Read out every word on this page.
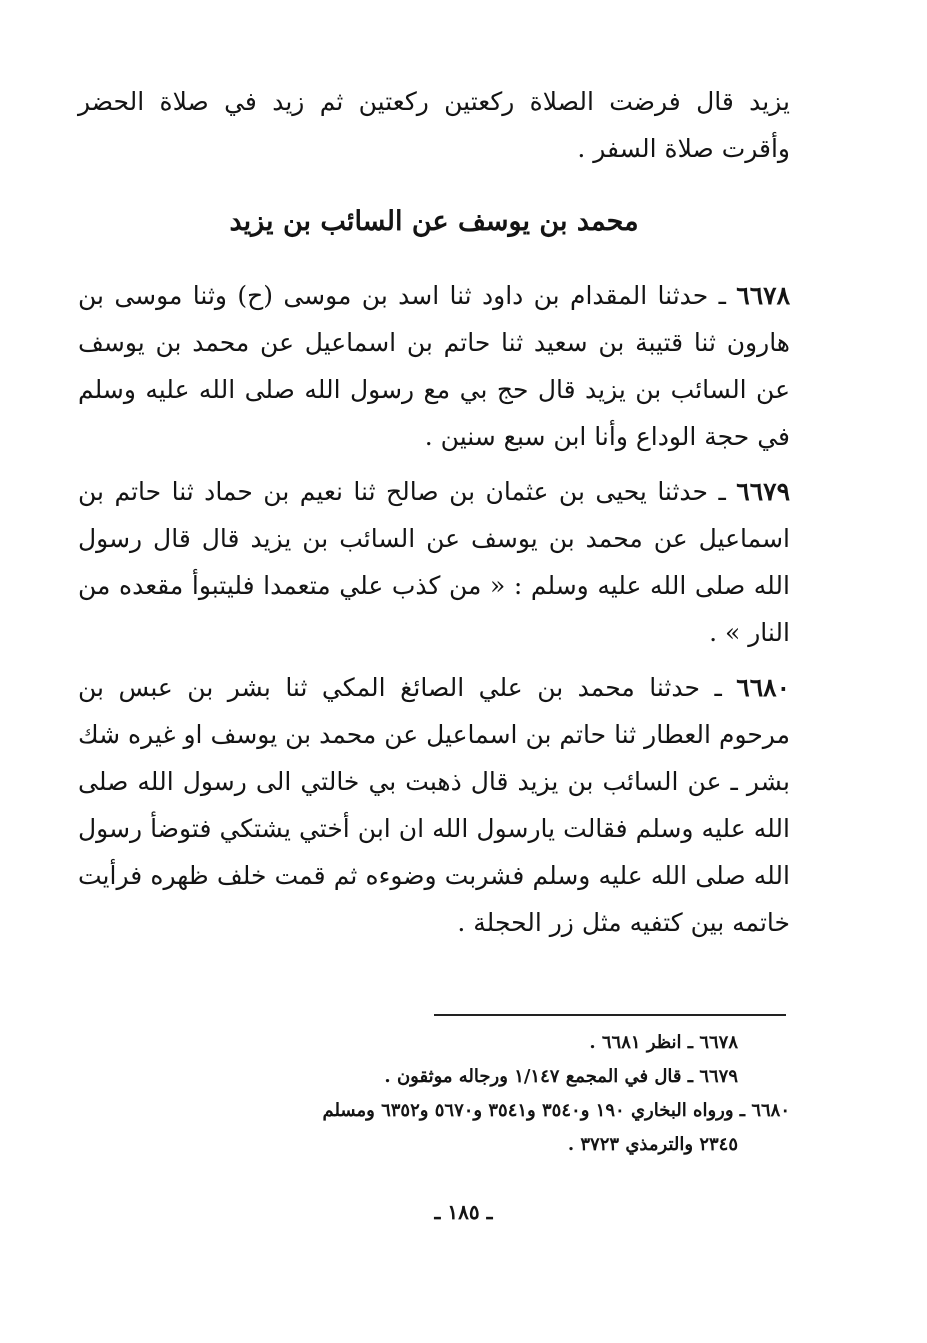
يزيد قال فرضت الصلاة ركعتين ركعتين ثم زيد في صلاة الحضر وأقرت صلاة السفر .

محمد بن يوسف عن السائب بن يزيد

٦٦٧٨ ـ حدثنا المقدام بن داود ثنا اسد بن موسى (ح) وثنا موسى بن هارون ثنا قتيبة بن سعيد ثنا حاتم بن اسماعيل عن محمد بن يوسف عن السائب بن يزيد قال حج بي مع رسول الله صلى الله عليه وسلم في حجة الوداع وأنا ابن سبع سنين .

٦٦٧٩ ـ حدثنا يحيى بن عثمان بن صالح ثنا نعيم بن حماد ثنا حاتم بن اسماعيل عن محمد بن يوسف عن السائب بن يزيد قال قال رسول الله صلى الله عليه وسلم : « من كذب علي متعمدا فليتبوأ مقعده من النار » .

٦٦٨٠ ـ حدثنا محمد بن علي الصائغ المكي ثنا بشر بن عبس بن مرحوم العطار ثنا حاتم بن اسماعيل عن محمد بن يوسف او غيره شك بشر ـ عن السائب بن يزيد قال ذهبت بي خالتي الى رسول الله صلى الله عليه وسلم فقالت يارسول الله ان ابن أختي يشتكي فتوضأ رسول الله صلى الله عليه وسلم فشربت وضوءه ثم قمت خلف ظهره فرأيت خاتمه بين كتفيه مثل زر الحجلة .

٦٦٧٨ ـ انظر ٦٦٨١ .

٦٦٧٩ ـ قال في المجمع ١/١٤٧ ورجاله موثقون .

٦٦٨٠ ـ ورواه البخاري ١٩٠ و٣٥٤٠ و٣٥٤١ و٥٦٧٠ و٦٣٥٢ ومسلم

٢٣٤٥ والترمذي ٣٧٢٣ .

ـ ١٨٥ ـ
